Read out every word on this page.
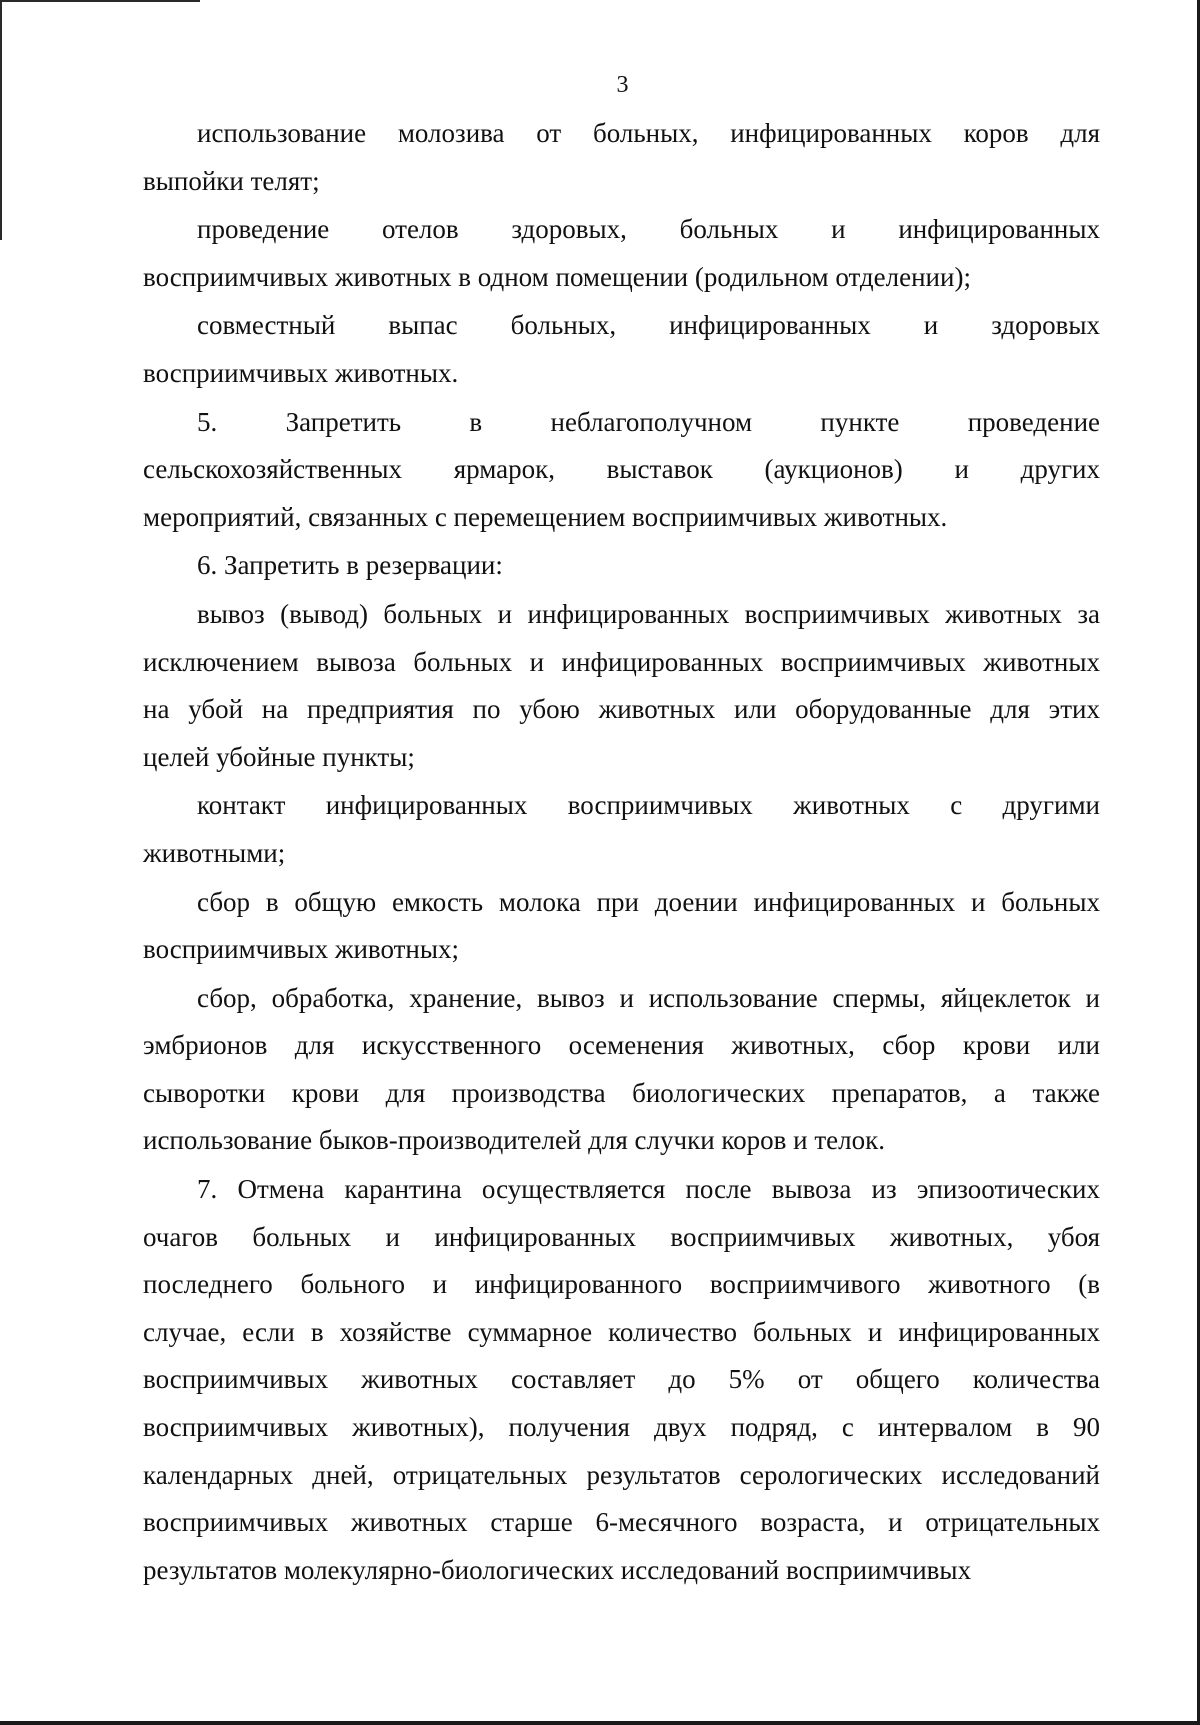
3
использование молозива от больных, инфицированных коров для
выпойки телят;
проведение отелов здоровых, больных и инфицированных
восприимчивых животных в одном помещении (родильном отделении);
совместный выпас больных, инфицированных и здоровых
восприимчивых животных.
5. Запретить в неблагополучном пункте проведение
сельскохозяйственных ярмарок, выставок (аукционов) и других
мероприятий, связанных с перемещением восприимчивых животных.
6. Запретить в резервации:
вывоз (вывод) больных и инфицированных восприимчивых животных за
исключением вывоза больных и инфицированных восприимчивых животных
на убой на предприятия по убою животных или оборудованные для этих
целей убойные пункты;
контакт инфицированных восприимчивых животных с другими
животными;
сбор в общую емкость молока при доении инфицированных и больных
восприимчивых животных;
сбор, обработка, хранение, вывоз и использование спермы, яйцеклеток и
эмбрионов для искусственного осеменения животных, сбор крови или
сыворотки крови для производства биологических препаратов, а также
использование быков-производителей для случки коров и телок.
7. Отмена карантина осуществляется после вывоза из эпизоотических
очагов больных и инфицированных восприимчивых животных, убоя
последнего больного и инфицированного восприимчивого животного (в
случае, если в хозяйстве суммарное количество больных и инфицированных
восприимчивых животных составляет до 5% от общего количества
восприимчивых животных), получения двух подряд, с интервалом в 90
календарных дней, отрицательных результатов серологических исследований
восприимчивых животных старше 6-месячного возраста, и отрицательных
результатов молекулярно-биологических исследований восприимчивых
